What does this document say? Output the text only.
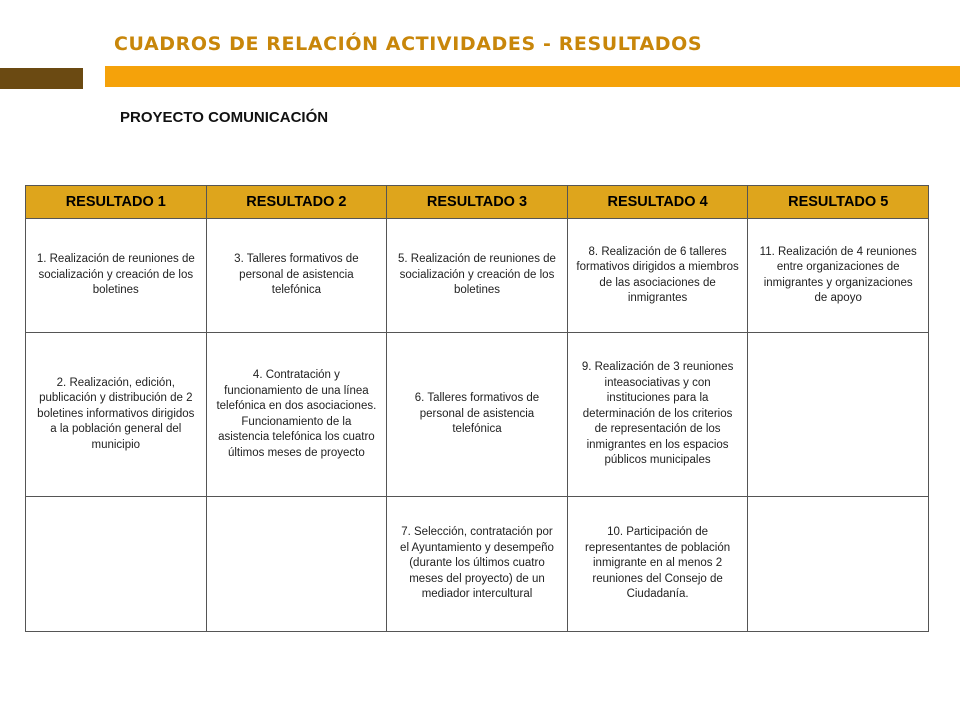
CUADROS DE RELACIÓN ACTIVIDADES - RESULTADOS
PROYECTO COMUNICACIÓN
RESULTADO 1	RESULTADO 2	RESULTADO 3	RESULTADO 4	RESULTADO 5
1. Realización de reuniones de socialización y creación de los boletines	3. Talleres formativos de personal de asistencia telefónica	5. Realización de reuniones de socialización y creación de los boletines	8. Realización de 6 talleres formativos dirigidos a miembros de las asociaciones de inmigrantes	11. Realización de 4 reuniones entre organizaciones de inmigrantes y organizaciones de apoyo
2. Realización, edición, publicación y distribución de 2 boletines informativos dirigidos a la población general del municipio	4. Contratación y funcionamiento de una línea telefónica en dos asociaciones. Funcionamiento de la asistencia telefónica los cuatro últimos meses de proyecto	6. Talleres formativos de personal de asistencia telefónica	9. Realización de 3 reuniones inteasociativas y con instituciones para la determinación de los criterios de representación de los inmigrantes en los espacios públicos municipales	
		7. Selección, contratación por el Ayuntamiento y desempeño (durante los últimos cuatro meses del proyecto) de un mediador intercultural	10. Participación de representantes de población inmigrante en al menos 2 reuniones del Consejo de Ciudadanía.	
